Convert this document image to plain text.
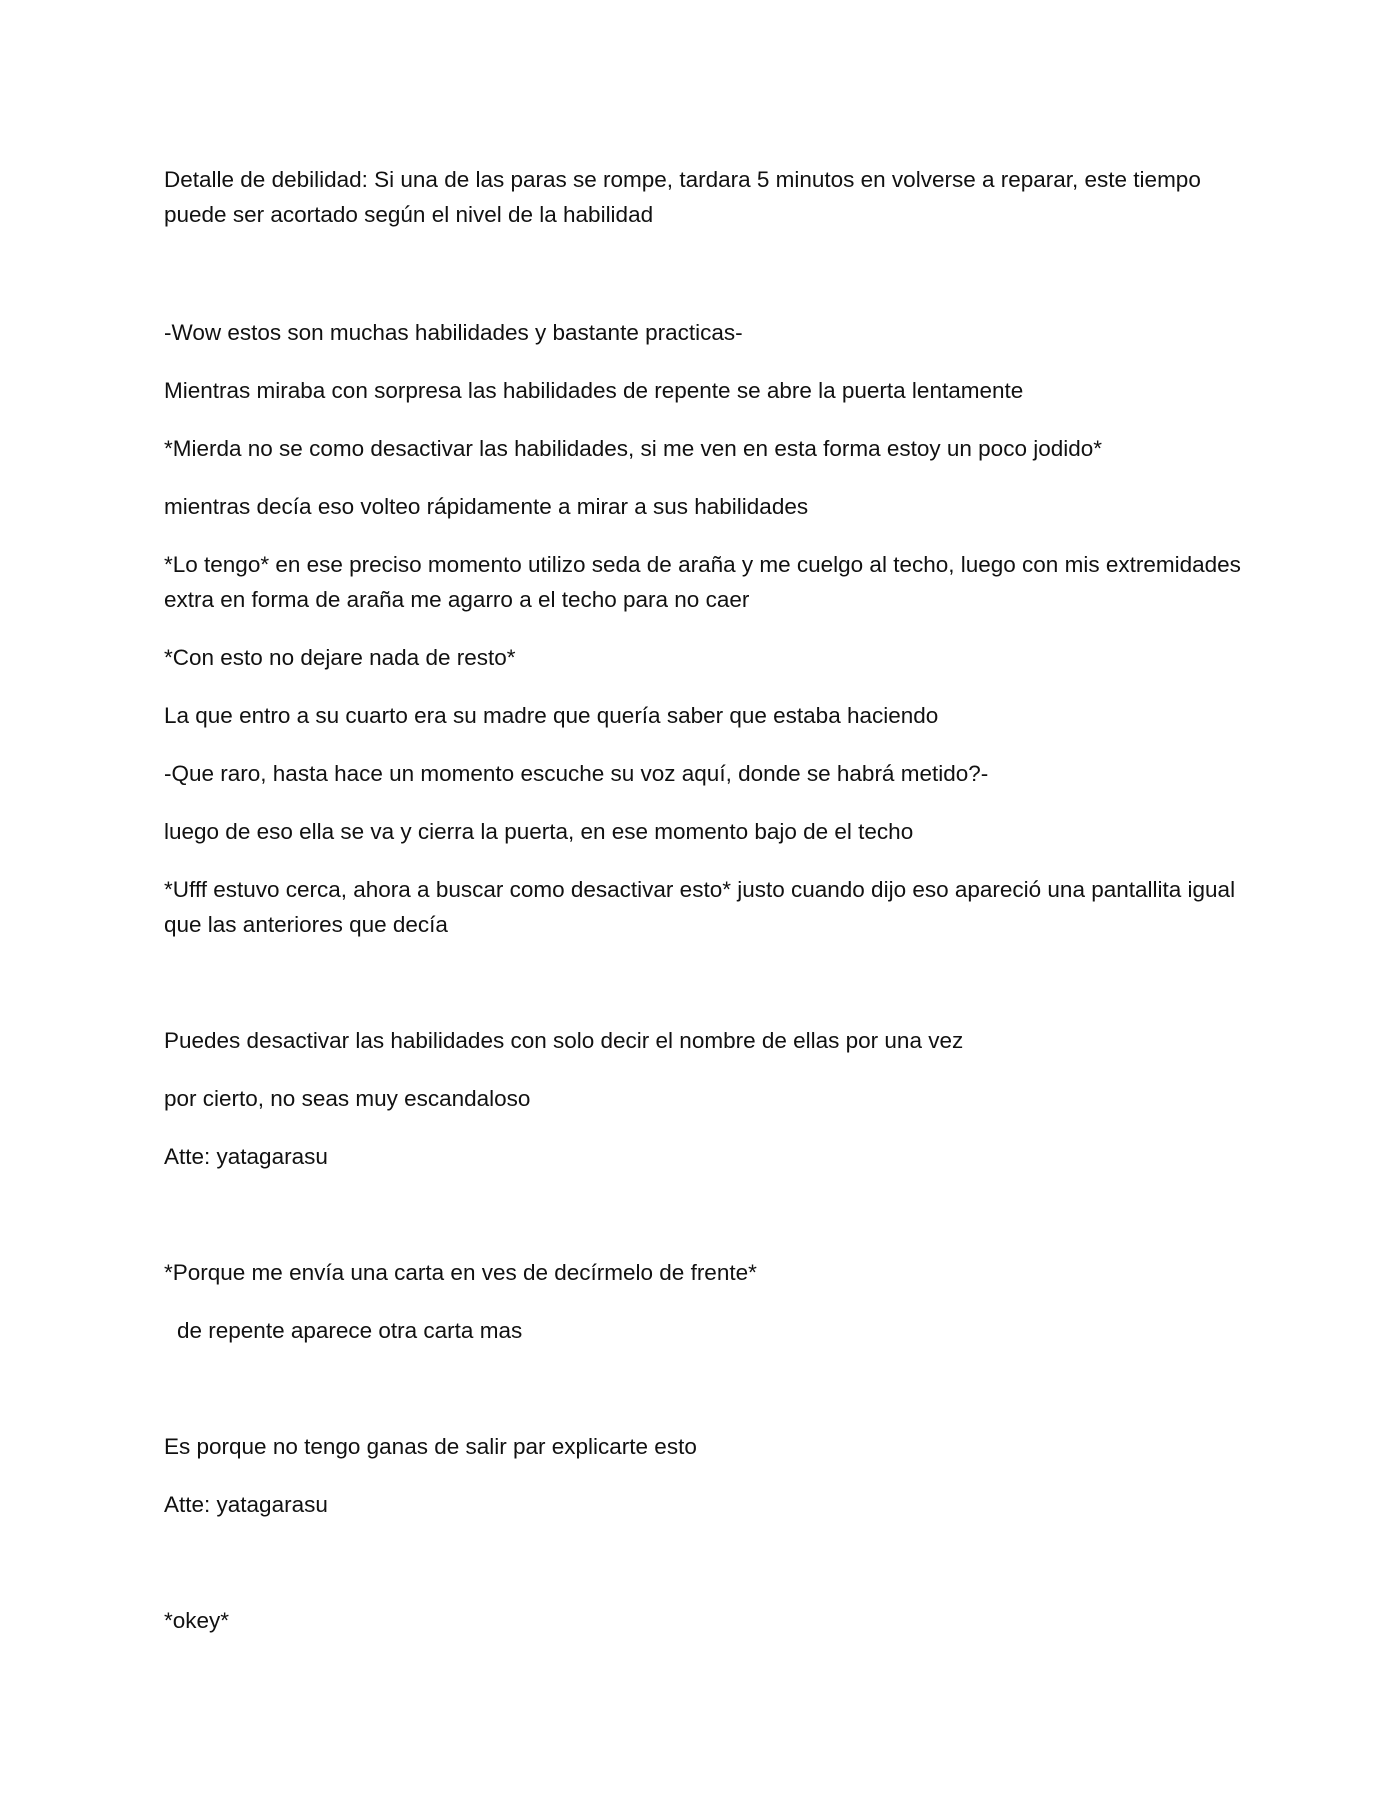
Detalle de debilidad: Si una de las paras se rompe, tardara 5 minutos en volverse a reparar, este tiempo puede ser acortado según el nivel de la habilidad

-Wow estos son muchas habilidades y bastante practicas-

Mientras miraba con sorpresa las habilidades de repente se abre la puerta lentamente

*Mierda no se como desactivar las habilidades, si me ven en esta forma estoy un poco jodido*

mientras decía eso volteo rápidamente a mirar a sus habilidades

*Lo tengo* en ese preciso momento utilizo seda de araña y me cuelgo al techo, luego con mis extremidades extra en forma de araña me agarro a el techo para no caer

*Con esto no dejare nada de resto*

La que entro a su cuarto era su madre que quería saber que estaba haciendo

-Que raro, hasta hace un momento escuche su voz aquí, donde se habrá metido?-

luego de eso ella se va y cierra la puerta, en ese momento bajo de el techo

*Ufff estuvo cerca, ahora a buscar como desactivar esto* justo cuando dijo eso apareció una pantallita igual que las anteriores que decía

Puedes desactivar las habilidades con solo decir el nombre de ellas por una vez

por cierto, no seas muy escandaloso

Atte: yatagarasu

*Porque me envía una carta en ves de decírmelo de frente*

de repente aparece otra carta mas

Es porque no tengo ganas de salir par explicarte esto

Atte: yatagarasu

*okey*
